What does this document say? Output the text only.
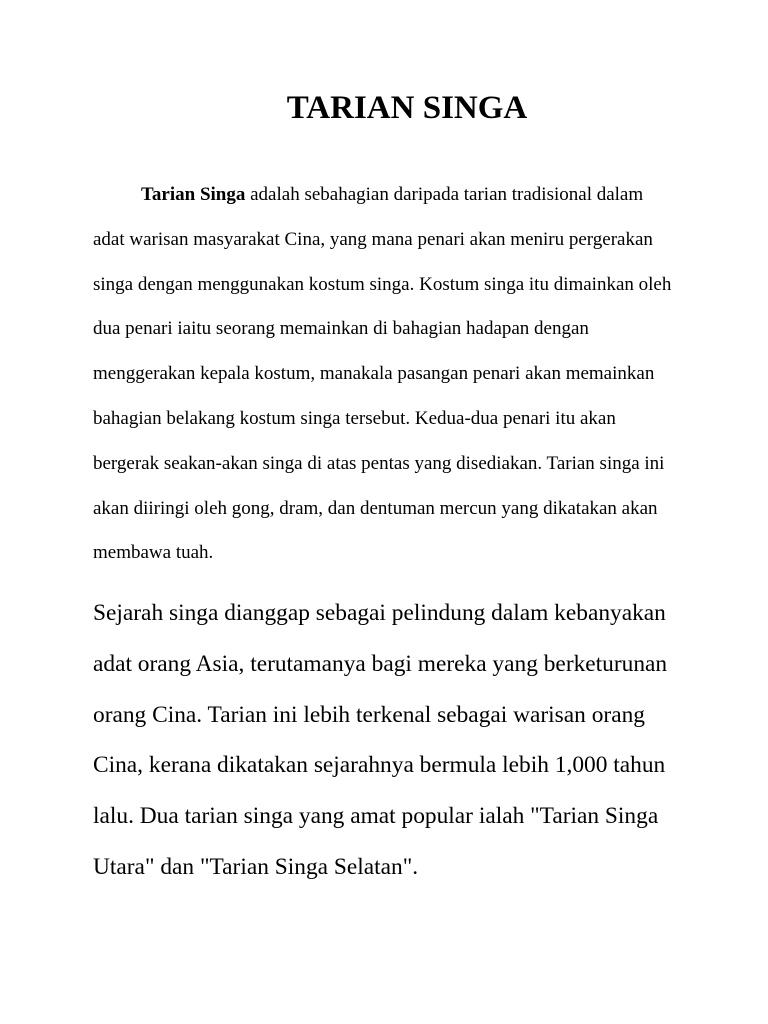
TARIAN SINGA

Tarian Singa adalah sebahagian daripada tarian tradisional dalam adat warisan masyarakat Cina, yang mana penari akan meniru pergerakan singa dengan menggunakan kostum singa. Kostum singa itu dimainkan oleh dua penari iaitu seorang memainkan di bahagian hadapan dengan menggerakan kepala kostum, manakala pasangan penari akan memainkan bahagian belakang kostum singa tersebut. Kedua-dua penari itu akan bergerak seakan-akan singa di atas pentas yang disediakan. Tarian singa ini akan diiringi oleh gong, dram, dan dentuman mercun yang dikatakan akan membawa tuah.

Sejarah singa dianggap sebagai pelindung dalam kebanyakan adat orang Asia, terutamanya bagi mereka yang berketurunan orang Cina. Tarian ini lebih terkenal sebagai warisan orang Cina, kerana dikatakan sejarahnya bermula lebih 1,000 tahun lalu. Dua tarian singa yang amat popular ialah "Tarian Singa Utara" dan "Tarian Singa Selatan".
